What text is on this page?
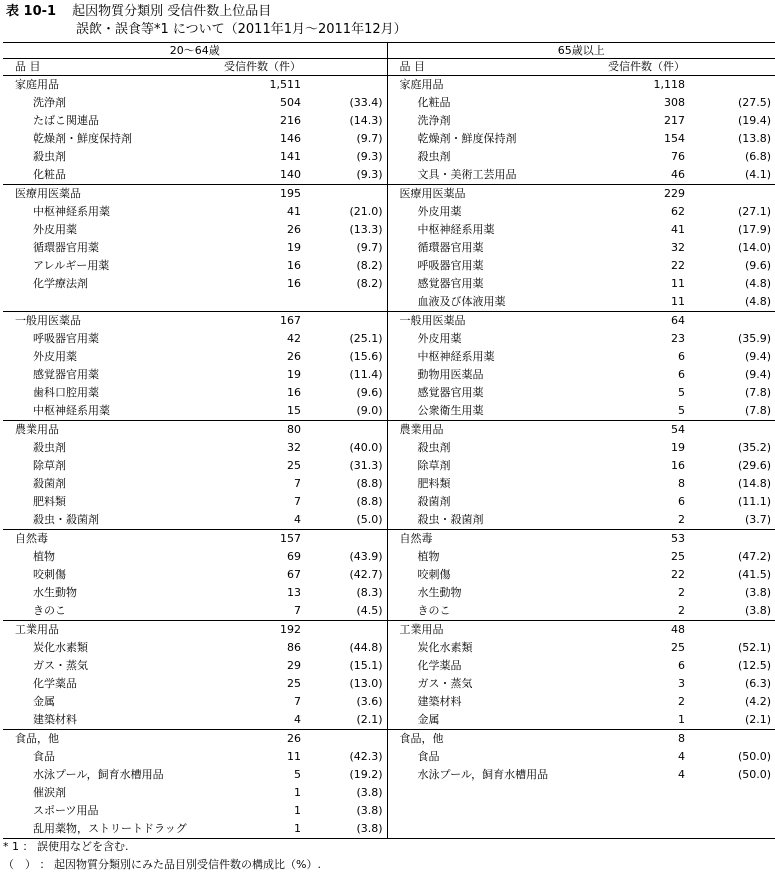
表 10-1 起因物質分類別 受信件数上位品目
誤飲・誤食等*1 について（2011年1月～2011年12月）
20～64歳			65歳以上		
品 目	受信件数（件）		品 目	受信件数（件）	
家庭用品	1,511		家庭用品	1,118	
洗浄剤	504	(33.4)	化粧品	308	(27.5)
たばこ関連品	216	(14.3)	洗浄剤	217	(19.4)
乾燥剤・鮮度保持剤	146	(9.7)	乾燥剤・鮮度保持剤	154	(13.8)
殺虫剤	141	(9.3)	殺虫剤	76	(6.8)
化粧品	140	(9.3)	文具・美術工芸用品	46	(4.1)
医療用医薬品	195		医療用医薬品	229	
中枢神経系用薬	41	(21.0)	外皮用薬	62	(27.1)
外皮用薬	26	(13.3)	中枢神経系用薬	41	(17.9)
循環器官用薬	19	(9.7)	循環器官用薬	32	(14.0)
アレルギー用薬	16	(8.2)	呼吸器官用薬	22	(9.6)
化学療法剤	16	(8.2)	感覚器官用薬	11	(4.8)
			血液及び体液用薬	11	(4.8)
一般用医薬品	167		一般用医薬品	64	
呼吸器官用薬	42	(25.1)	外皮用薬	23	(35.9)
外皮用薬	26	(15.6)	中枢神経系用薬	6	(9.4)
感覚器官用薬	19	(11.4)	動物用医薬品	6	(9.4)
歯科口腔用薬	16	(9.6)	感覚器官用薬	5	(7.8)
中枢神経系用薬	15	(9.0)	公衆衛生用薬	5	(7.8)
農業用品	80		農業用品	54	
殺虫剤	32	(40.0)	殺虫剤	19	(35.2)
除草剤	25	(31.3)	除草剤	16	(29.6)
殺菌剤	7	(8.8)	肥料類	8	(14.8)
肥料類	7	(8.8)	殺菌剤	6	(11.1)
殺虫・殺菌剤	4	(5.0)	殺虫・殺菌剤	2	(3.7)
自然毒	157		自然毒	53	
植物	69	(43.9)	植物	25	(47.2)
咬刺傷	67	(42.7)	咬刺傷	22	(41.5)
水生動物	13	(8.3)	水生動物	2	(3.8)
きのこ	7	(4.5)	きのこ	2	(3.8)
工業用品	192		工業用品	48	
炭化水素類	86	(44.8)	炭化水素類	25	(52.1)
ガス・蒸気	29	(15.1)	化学薬品	6	(12.5)
化学薬品	25	(13.0)	ガス・蒸気	3	(6.3)
金属	7	(3.6)	建築材料	2	(4.2)
建築材料	4	(2.1)	金属	1	(2.1)
食品，他	26		食品，他	8	
食品	11	(42.3)	食品	4	(50.0)
水泳プール，飼育水槽用品	5	(19.2)	水泳プール，飼育水槽用品	4	(50.0)
催涙剤	1	(3.8)			
スポーツ用品	1	(3.8)			
乱用薬物，ストリートドラッグ	1	(3.8)			
* 1 ： 誤使用などを含む.
（　） ： 起因物質分類別にみた品目別受信件数の構成比（%）.
